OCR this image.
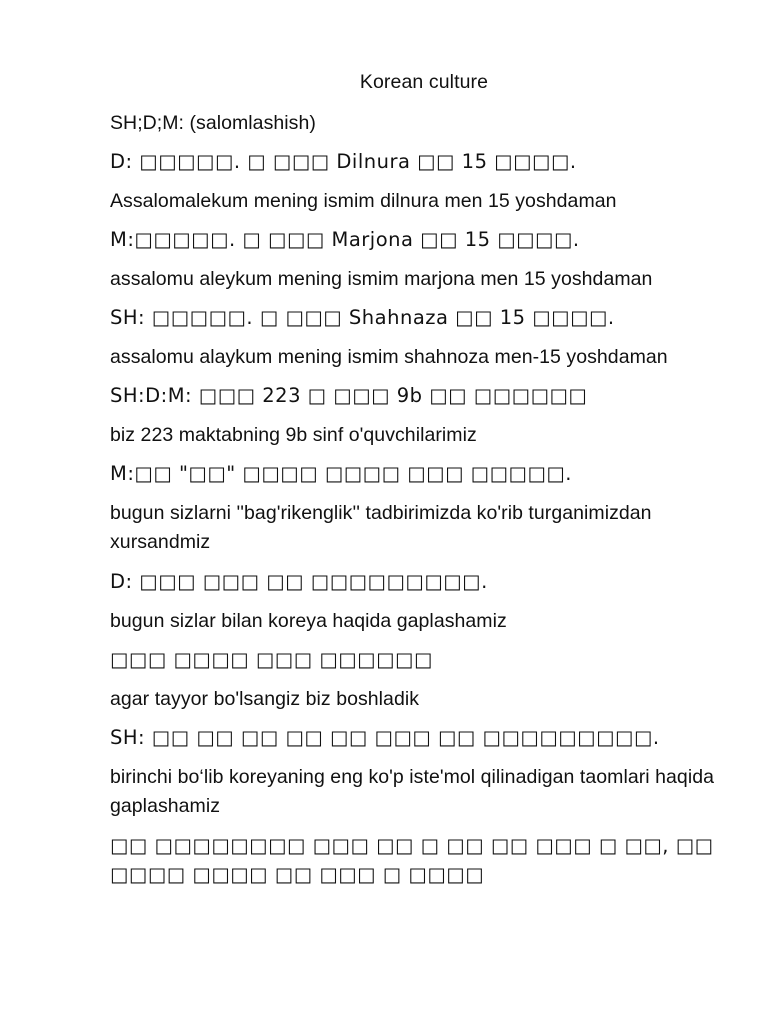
Korean culture
SH;D;M: (salomlashish)
D: □□□□□. □ □□□ Dilnura □□ 15 □□□□.
Assalomalekum mening ismim dilnura men 15 yoshdaman
M:□□□□□. □ □□□ Marjona □□ 15 □□□□.
assalomu aleykum mening ismim marjona men 15 yoshdaman
SH: □□□□□. □ □□□ Shahnaza □□ 15 □□□□.
assalomu alaykum mening ismim shahnoza men-15 yoshdaman
SH:D:M: □□□ 223 □ □□□ 9b □□ □□□□□□
biz 223 maktabning 9b sinf o'quvchilarimiz
M:□□ "□□" □□□□ □□□□ □□□ □□□□□.
bugun sizlarni ''bag'rikenglik'' tadbirimizda ko'rib turganimizdan xursandmiz
D: □□□ □□□ □□ □□□□□□□□□.
bugun sizlar bilan koreya haqida gaplashamiz
□□□ □□□□ □□□ □□□□□□
agar tayyor bo'lsangiz biz boshladik
SH: □□ □□ □□ □□ □□ □□□ □□ □□□□□□□□□.
birinchi bo‘lib koreyaning eng ko'p iste'mol qilinadigan taomlari haqida gaplashamiz
□□ □□□□□□□□ □□□ □□ □ □□ □□ □□□ □ □□, □□ □□□□ □□□□ □□ □□□ □ □□□□
